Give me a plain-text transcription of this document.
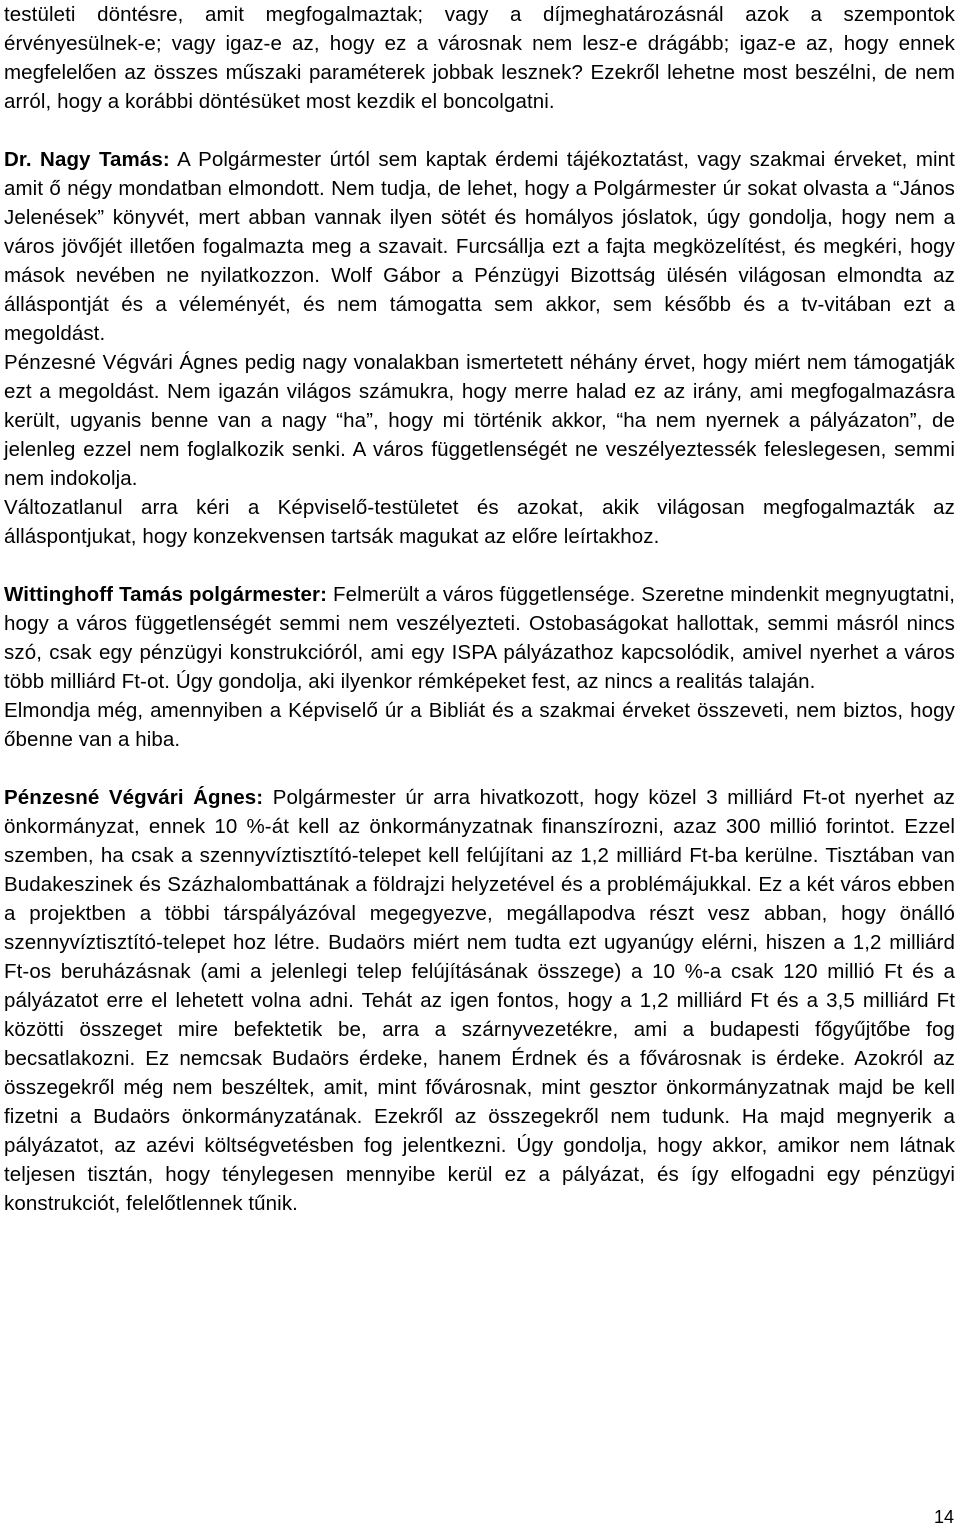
testületi döntésre, amit megfogalmaztak; vagy a díjmeghatározásnál azok a szempontok érvényesülnek-e; vagy igaz-e az, hogy ez a városnak nem lesz-e drágább; igaz-e az, hogy ennek megfelelően az összes műszaki paraméterek jobbak lesznek? Ezekről lehetne most beszélni, de nem arról, hogy a korábbi döntésüket most kezdik el boncolgatni.

Dr. Nagy Tamás: A Polgármester úrtól sem kaptak érdemi tájékoztatást, vagy szakmai érveket, mint amit ő négy mondatban elmondott. Nem tudja, de lehet, hogy a Polgármester úr sokat olvasta a “János Jelenések” könyvét, mert abban vannak ilyen sötét és homályos jóslatok, úgy gondolja, hogy nem a város jövőjét illetően fogalmazta meg a szavait. Furcsállja ezt a fajta megközelítést, és megkéri, hogy mások nevében ne nyilatkozzon. Wolf Gábor a Pénzügyi Bizottság ülésén világosan elmondta az álláspontját és a véleményét, és nem támogatta sem akkor, sem később és a tv-vitában ezt a megoldást.

Pénzesné Végvári Ágnes pedig nagy vonalakban ismertetett néhány érvet, hogy miért nem támogatják ezt a megoldást. Nem igazán világos számukra, hogy merre halad ez az irány, ami megfogalmazásra került, ugyanis benne van a nagy “ha”, hogy mi történik akkor, “ha nem nyernek a pályázaton”, de jelenleg ezzel nem foglalkozik senki. A város függetlenségét ne veszélyeztessék feleslegesen, semmi nem indokolja.

Változatlanul arra kéri a Képviselő-testületet és azokat, akik világosan megfogalmazták az álláspontjukat, hogy konzekvensen tartsák magukat az előre leírtakhoz.

Wittinghoff Tamás polgármester: Felmerült a város függetlensége. Szeretne mindenkit megnyugtatni, hogy a város függetlenségét semmi nem veszélyezteti. Ostobaságokat hallottak, semmi másról nincs szó, csak egy pénzügyi konstrukcióról, ami egy ISPA pályázathoz kapcsolódik, amivel nyerhet a város több milliárd Ft-ot. Úgy gondolja, aki ilyenkor rémképeket fest, az nincs a realitás talaján.

Elmondja még, amennyiben a Képviselő úr a Bibliát és a szakmai érveket összeveti, nem biztos, hogy őbenne van a hiba.

Pénzesné Végvári Ágnes: Polgármester úr arra hivatkozott, hogy közel 3 milliárd Ft-ot nyerhet az önkormányzat, ennek 10 %-át kell az önkormányzatnak finanszírozni, azaz 300 millió forintot. Ezzel szemben, ha csak a szennyvíztisztító-telepet kell felújítani az 1,2 milliárd Ft-ba kerülne. Tisztában van Budakeszinek és Százhalombattának a földrajzi helyzetével és a problémájukkal. Ez a két város ebben a projektben a többi társpályázóval megegyezve, megállapodva részt vesz abban, hogy önálló szennyvíztisztító-telepet hoz létre. Budaörs miért nem tudta ezt ugyanúgy elérni, hiszen a 1,2 milliárd Ft-os beruházásnak (ami a jelenlegi telep felújításának összege) a 10 %-a csak 120 millió Ft és a pályázatot erre el lehetett volna adni. Tehát az igen fontos, hogy a 1,2 milliárd Ft és a 3,5 milliárd Ft közötti összeget mire befektetik be, arra a szárnyvezetékre, ami a budapesti főgyűjtőbe fog becsatlakozni. Ez nemcsak Budaörs érdeke, hanem Érdnek és a fővárosnak is érdeke. Azokról az összegekről még nem beszéltek, amit, mint fővárosnak, mint gesztor önkormányzatnak majd be kell fizetni a Budaörs önkormányzatának. Ezekről az összegekről nem tudunk. Ha majd megnyerik a pályázatot, az azévi költségvetésben fog jelentkezni. Úgy gondolja, hogy akkor, amikor nem látnak teljesen tisztán, hogy ténylegesen mennyibe kerül ez a pályázat, és így elfogadni egy pénzügyi konstrukciót, felelőtlennek tűnik.

14
